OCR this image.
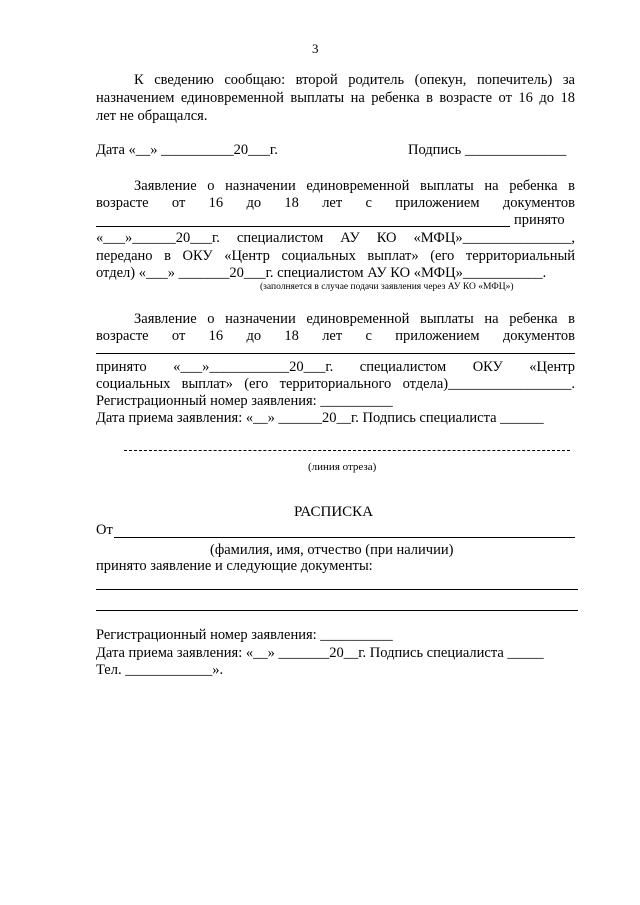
3
К сведению сообщаю: второй родитель (опекун, попечитель) за
назначением единовременной выплаты на ребенка в возрасте от 16 до 18
лет не обращался.
Дата «__» __________20___г.	Подпись ______________
Заявление о назначении единовременной выплаты на ребенка в
возрасте от 16 до 18 лет с приложением документов
принято
«___»______20___г. специалистом АУ КО «МФЦ»_______________,
передано в ОКУ «Центр социальных выплат» (его территориальный
отдел) «___» _______20___г. специалистом АУ КО «МФЦ»___________.
(заполняется в случае подачи заявления через АУ КО «МФЦ»)
Заявление о назначении единовременной выплаты на ребенка в
возрасте от 16 до 18 лет с приложением документов
принято «___»___________20___г. специалистом ОКУ «Центр
социальных выплат» (его территориального отдела)_________________.
Регистрационный номер заявления: __________
Дата приема заявления: «__» ______20__г. Подпись специалиста ______
(линия отреза)
РАСПИСКА
От
(фамилия, имя, отчество (при наличии)
принято заявление и следующие документы:
Регистрационный номер заявления: __________
Дата приема заявления: «__» _______20__г. Подпись специалиста _____
Тел. ____________».
